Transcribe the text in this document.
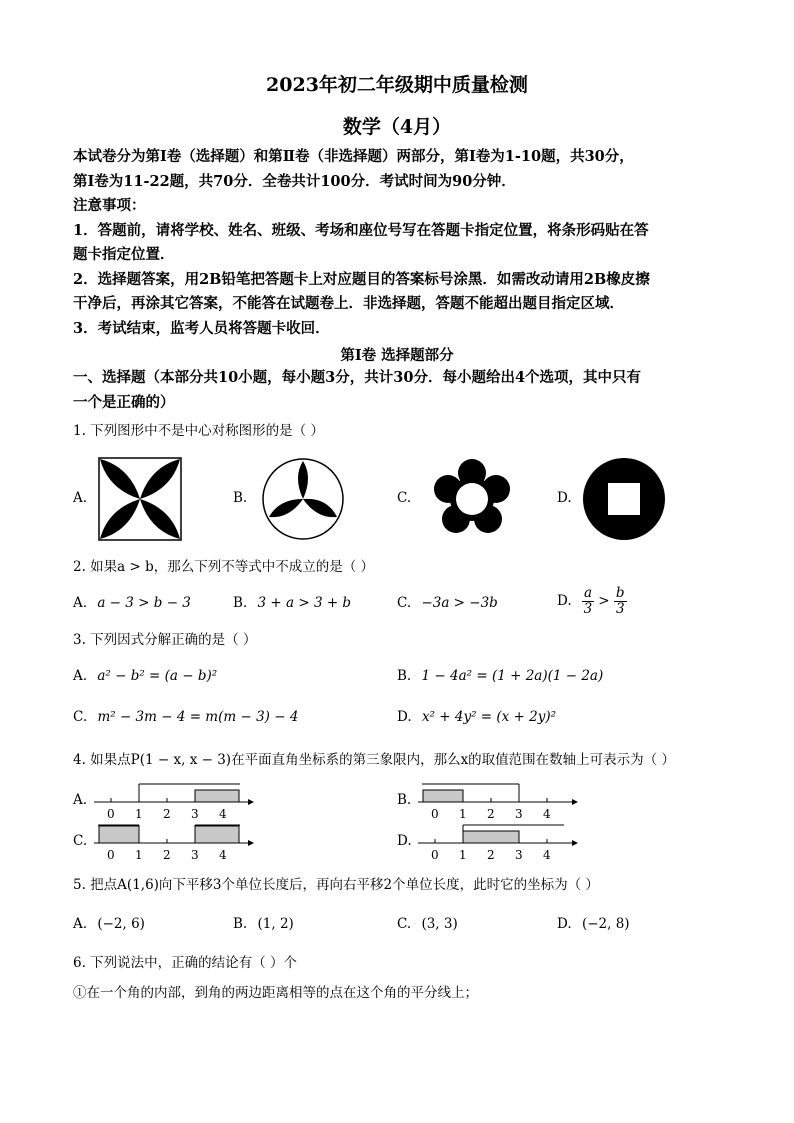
2023年初二年级期中质量检测
数学（4月）
本试卷分为第Ⅰ卷（选择题）和第Ⅱ卷（非选择题）两部分，第Ⅰ卷为1-10题，共30分，
第Ⅰ卷为11-22题，共70分．全卷共计100分．考试时间为90分钟．
注意事项：
1．答题前，请将学校、姓名、班级、考场和座位号写在答题卡指定位置，将条形码贴在答
题卡指定位置．
2．选择题答案，用2B铅笔把答题卡上对应题目的答案标号涂黑．如需改动请用2B橡皮擦
干净后，再涂其它答案，不能答在试题卷上．非选择题，答题不能超出题目指定区域．
3．考试结束，监考人员将答题卡收回．
第Ⅰ卷 选择题部分
一、选择题（本部分共10小题，每小题3分，共计30分．每小题给出4个选项，其中只有
一个是正确的）
1. 下列图形中不是中心对称图形的是（ ）
A.	B.	C.	D.
2. 如果a > b，那么下列不等式中不成立的是（ ）
A. a − 3 > b − 3	B. 3 + a > 3 + b	C. −3a > −3b	D. $\frac{a}{3} > \frac{b}{3}$
3. 下列因式分解正确的是（ ）
A. a² − b² = (a − b)²	B. 1 − 4a² = (1 + 2a)(1 − 2a)
C. m² − 3m − 4 = m(m − 3) − 4	D. x² + 4y² = (x + 2y)²
4. 如果点P(1 − x, x − 3)在平面直角坐标系的第三象限内，那么x的取值范围在数轴上可表示为（ ）
A.	B.
C.	D.
0 1 2 3 4	0 1 2 3 4
0 1 2 3 4	0 1 2 3 4
5. 把点A(1,6)向下平移3个单位长度后，再向右平移2个单位长度，此时它的坐标为（ ）
A. (−2, 6)	B. (1, 2)	C. (3, 3)	D. (−2, 8)
6. 下列说法中，正确的结论有（ ）个
①在一个角的内部，到角的两边距离相等的点在这个角的平分线上；
